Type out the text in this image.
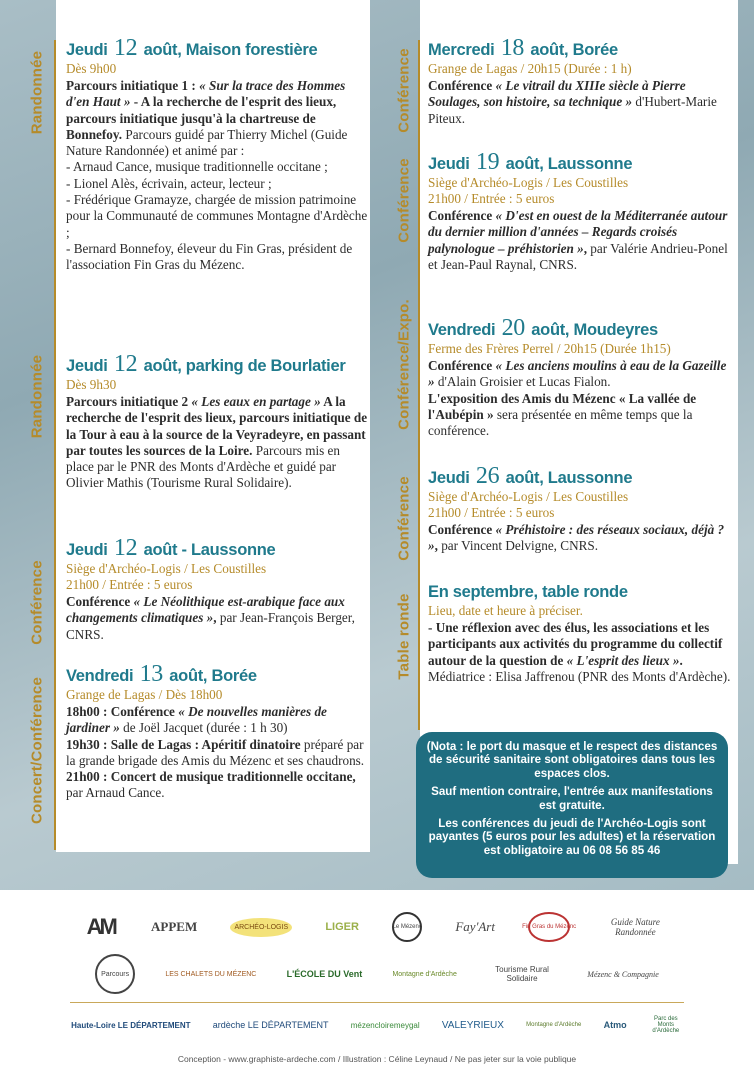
Randonnée
Randonnée
Conférence
Concert/Conférence
Conférence
Conférence
Conférence/Expo.
Conférence
Table ronde
Jeudi 12 août, Maison forestière
Dès 9h00
Parcours initiatique 1 : « Sur la trace des Hommes d'en Haut » - A la recherche de l'esprit des lieux, parcours initiatique jusqu'à la chartreuse de Bonnefoy. Parcours guidé par Thierry Michel (Guide Nature Randonnée) et animé par :
- Arnaud Cance, musique traditionnelle occitane ;
- Lionel Alès, écrivain, acteur, lecteur ;
- Frédérique Gramayze, chargée de mission patrimoine pour la Communauté de communes Montagne d'Ardèche ;
- Bernard Bonnefoy, éleveur du Fin Gras, président de l'association Fin Gras du Mézenc.
Jeudi 12 août, parking de Bourlatier
Dès 9h30
Parcours initiatique 2 « Les eaux en partage » A la recherche de l'esprit des lieux, parcours initiatique de la Tour à eau à la source de la Veyradeyre, en passant par toutes les sources de la Loire. Parcours mis en place par le PNR des Monts d'Ardèche et guidé par Olivier Mathis (Tourisme Rural Solidaire).
Jeudi 12 août - Laussonne
Siège d'Archéo-Logis / Les Coustilles
21h00 / Entrée : 5 euros
Conférence « Le Néolithique est-arabique face aux changements climatiques », par Jean-François Berger, CNRS.
Vendredi 13 août, Borée
Grange de Lagas / Dès 18h00
18h00 : Conférence « De nouvelles manières de jardiner » de Joël Jacquet (durée : 1 h 30)
19h30 : Salle de Lagas : Apéritif dinatoire préparé par la grande brigade des Amis du Mézenc et ses chaudrons.
21h00 : Concert de musique traditionnelle occitane, par Arnaud Cance.
Mercredi 18 août, Borée
Grange de Lagas / 20h15 (Durée : 1 h)
Conférence « Le vitrail du XIIIe siècle à Pierre Soulages, son histoire, sa technique » d'Hubert-Marie Piteux.
Jeudi 19 août, Laussonne
Siège d'Archéo-Logis / Les Coustilles
21h00 / Entrée : 5 euros
Conférence « D'est en ouest de la Méditerranée autour du dernier million d'années – Regards croisés palynologue – préhistorien », par Valérie Andrieu-Ponel et Jean-Paul Raynal, CNRS.
Vendredi 20 août, Moudeyres
Ferme des Frères Perrel / 20h15 (Durée 1h15)
Conférence « Les anciens moulins à eau de la Gazeille » d'Alain Groisier et Lucas Fialon.
L'exposition des Amis du Mézenc « La vallée de l'Aubépin » sera présentée en même temps que la conférence.
Jeudi 26 août, Laussonne
Siège d'Archéo-Logis / Les Coustilles
21h00 / Entrée : 5 euros
Conférence « Préhistoire : des réseaux sociaux, déjà ? », par Vincent Delvigne, CNRS.
En septembre, table ronde
Lieu, date et heure à préciser.
- Une réflexion avec des élus, les associations et les participants aux activités du programme du collectif autour de la question de « L'esprit des lieux ». Médiatrice : Elisa Jaffrenou (PNR des Monts d'Ardèche).

(Nota : le port du masque et le respect des distances de sécurité sanitaire sont obligatoires dans tous les espaces clos.

Sauf mention contraire, l'entrée aux manifestations est gratuite.

Les conférences du jeudi de l'Archéo-Logis sont payantes (5 euros pour les adultes) et la réservation est obligatoire au 06 08 56 85 46

AM	APPEM	ARCHÉO-LOGIS	LIGER	Le Mézenc	Fay'Art	Fin Gras du Mézenc	Guide Nature Randonnée
Parcours	LES CHALETS DU MÉZENC	L'ÉCOLE DU Vent	Montagne d'Ardèche	Tourisme Rural Solidaire	Mézenc & Compagnie
Haute-Loire LE DÉPARTEMENT ardèche LE DÉPARTEMENT	mézencloiremeygal VALEYRIEUX	Montagne d'Ardèche Atmo
Parc des Monts d'Ardèche
Conception - www.graphiste-ardeche.com / Illustration : Céline Leynaud / Ne pas jeter sur la voie publique
